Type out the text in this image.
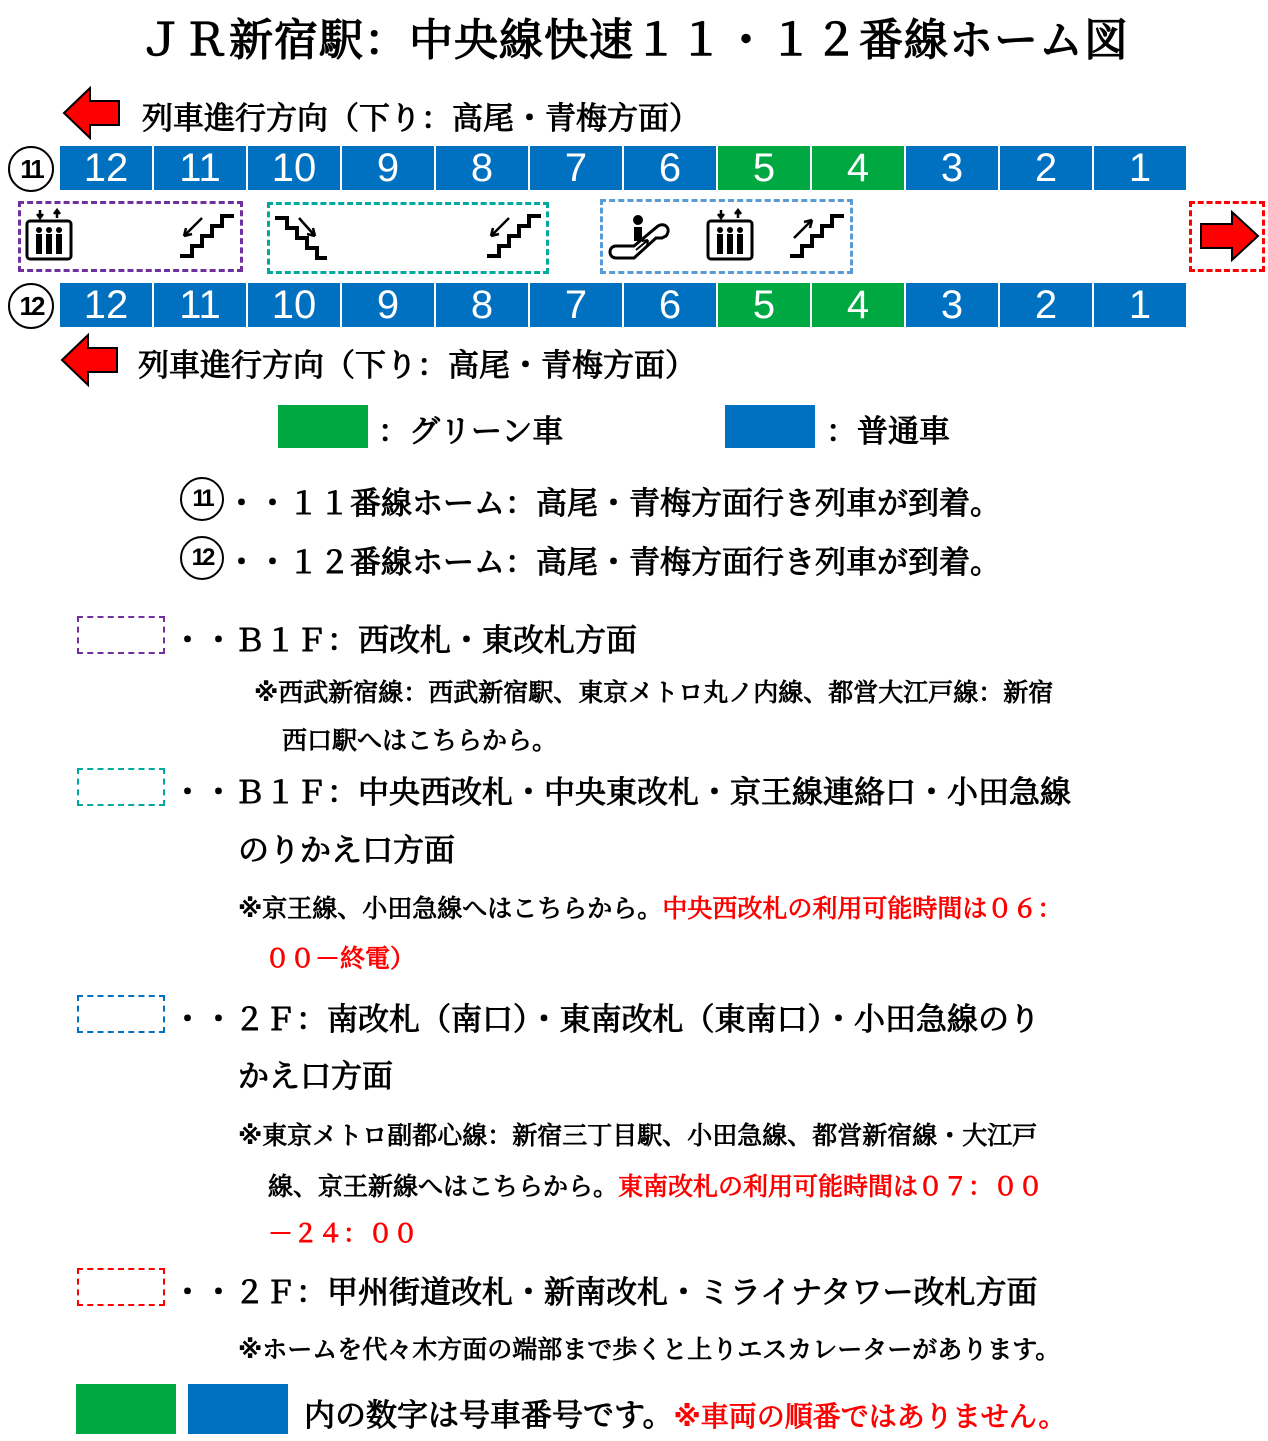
ＪＲ新宿駅：中央線快速１１・１２番線ホーム図
列車進行方向（下り：高尾・青梅方面）
11	12	11	10	9	8	7	6	5	4	3	2	1
12	12	11	10	9	8	7	6	5	4	3	2	1
列車進行方向（下り：高尾・青梅方面）
：グリーン車	：普通車
11 ・・１１番線ホーム：高尾・青梅方面行き列車が到着。
12 ・・１２番線ホーム：高尾・青梅方面行き列車が到着。
・・Ｂ１Ｆ：西改札・東改札方面
※西武新宿線：西武新宿駅、東京メトロ丸ノ内線、都営大江戸線：新宿
西口駅へはこちらから。
・・Ｂ１Ｆ：中央西改札・中央東改札・京王線連絡口・小田急線
のりかえ口方面
※京王線、小田急線へはこちらから。中央西改札の利用可能時間は０６：
００－終電）
・・２Ｆ：南改札（南口）・東南改札（東南口）・小田急線のり
かえ口方面
※東京メトロ副都心線：新宿三丁目駅、小田急線、都営新宿線・大江戸
線、京王新線へはこちらから。東南改札の利用可能時間は０７：００
－２４：００
・・２Ｆ：甲州街道改札・新南改札・ミライナタワー改札方面
※ホームを代々木方面の端部まで歩くと上りエスカレーターがあります。
内の数字は号車番号です。※車両の順番ではありません。
